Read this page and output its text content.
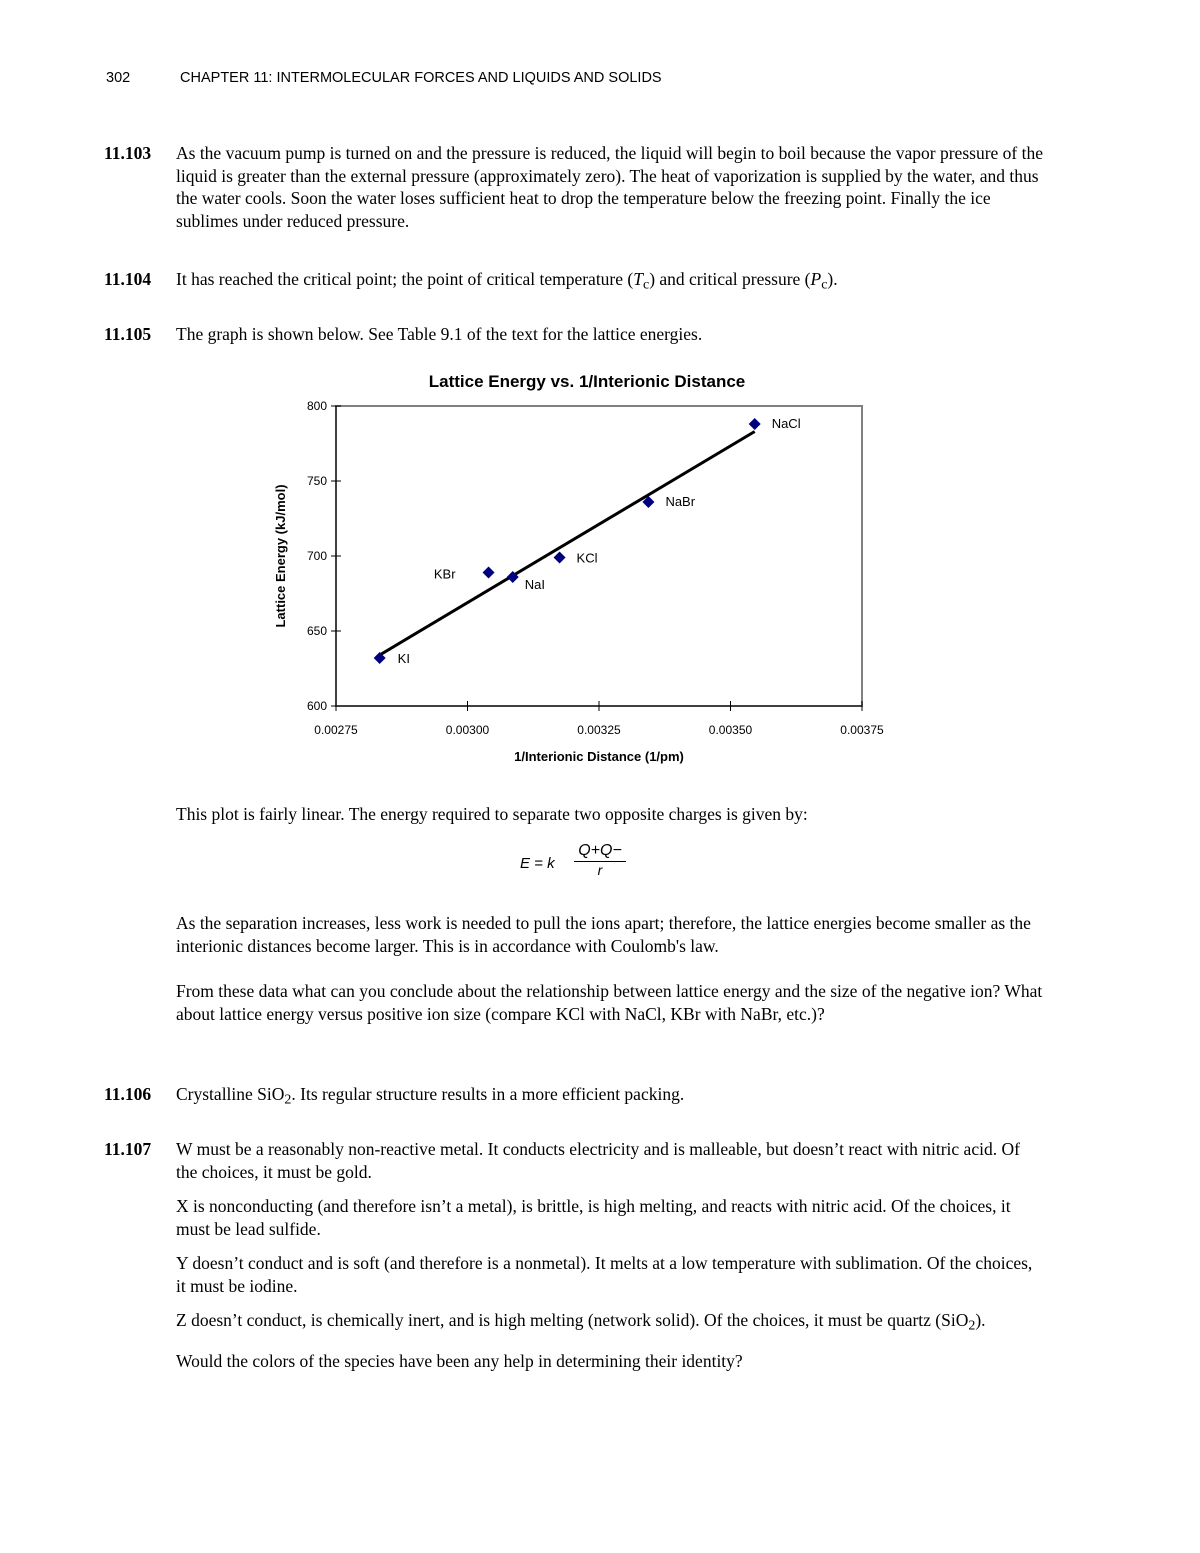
302	CHAPTER 11: INTERMOLECULAR FORCES AND LIQUIDS AND SOLIDS
11.103 As the vacuum pump is turned on and the pressure is reduced, the liquid will begin to boil because the vapor pressure of the liquid is greater than the external pressure (approximately zero). The heat of vaporization is supplied by the water, and thus the water cools. Soon the water loses sufficient heat to drop the temperature below the freezing point. Finally the ice sublimes under reduced pressure.

11.104 It has reached the critical point; the point of critical temperature $(T_c)$ and critical pressure $(P_c)$.

11.105 The graph is shown below. See Table 9.1 of the text for the lattice energies.

Lattice Energy vs. 1/Interionic Distance
600
650
700
750
800
0.00275	0.00300	0.00325	0.00350	0.00375
KI
KBr
NaI
KCl
NaBr
NaCl
1/Interionic Distance (1/pm)
Lattice Energy (kJ/mol)

This plot is fairly linear. The energy required to separate two opposite charges is given by:

E = k $\frac{Q+Q-}{r}$

As the separation increases, less work is needed to pull the ions apart; therefore, the lattice energies become smaller as the interionic distances become larger. This is in accordance with Coulomb's law.

From these data what can you conclude about the relationship between lattice energy and the size of the negative ion? What about lattice energy versus positive ion size (compare KCl with NaCl, KBr with NaBr, etc.)?

11.106 Crystalline SiO$_2$. Its regular structure results in a more efficient packing.

11.107 W must be a reasonably non-reactive metal. It conducts electricity and is malleable, but doesn’t react with nitric acid. Of the choices, it must be gold.

X is nonconducting (and therefore isn’t a metal), is brittle, is high melting, and reacts with nitric acid. Of the choices, it must be lead sulfide.

Y doesn’t conduct and is soft (and therefore is a nonmetal). It melts at a low temperature with sublimation. Of the choices, it must be iodine.

Z doesn’t conduct, is chemically inert, and is high melting (network solid). Of the choices, it must be quartz (SiO$_2$).

Would the colors of the species have been any help in determining their identity?
